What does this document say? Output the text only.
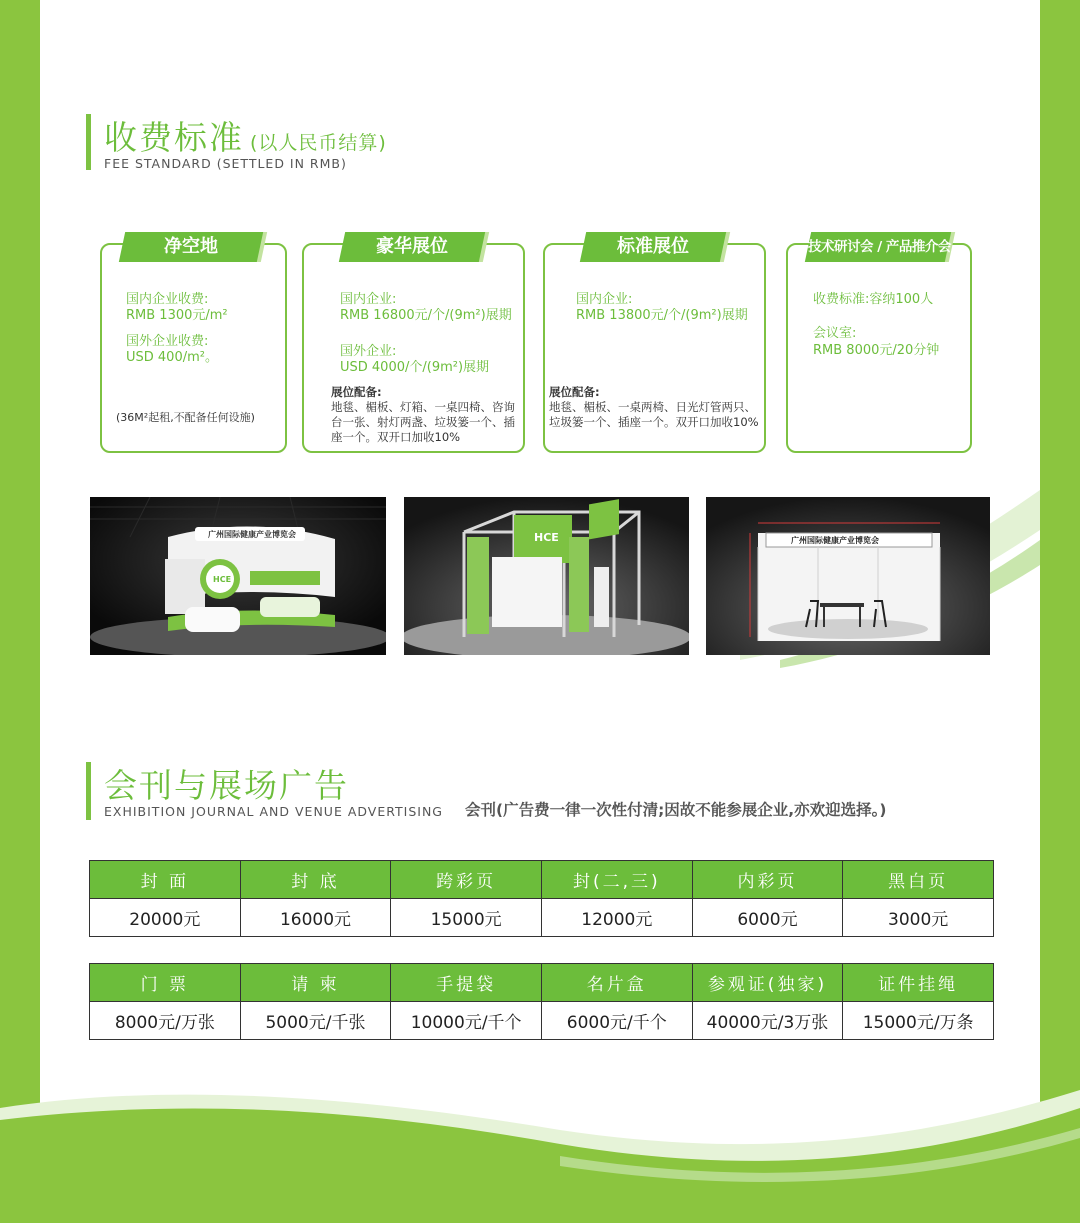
收费标准 (以人民币结算)
FEE STANDARD (SETTLED IN RMB)
净空地
国内企业收费:
RMB 1300元/m²
国外企业收费:
USD 400/m²。
(36M²起租,不配备任何设施)
豪华展位
国内企业:
RMB 16800元/个/(9m²)展期
国外企业:
USD 4000/个/(9m²)展期
展位配备:
地毯、楣板、灯箱、一桌四椅、咨询台一张、射灯两盏、垃圾篓一个、插座一个。双开口加收10%
标准展位
国内企业:
RMB 13800元/个/(9m²)展期
展位配备:
地毯、楣板、一桌两椅、日光灯管两只、垃圾篓一个、插座一个。双开口加收10%
技术研讨会 / 产品推介会
收费标准:容纳100人
会议室:
RMB 8000元/20分钟
广州国际健康产业博览会
HCE
HCE	广州国际健康产业博览会
会刊与展场广告
EXHIBITION JOURNAL AND VENUE ADVERTISING 会刊(广告费一律一次性付清;因故不能参展企业,亦欢迎选择。)
封 面	封 底	跨彩页	封(二,三)	内彩页	黑白页
20000元	16000元	15000元	12000元	6000元	3000元
门 票	请 柬	手提袋	名片盒	参观证(独家)	证件挂绳
8000元/万张	5000元/千张	10000元/千个	6000元/千个	40000元/3万张	15000元/万条
